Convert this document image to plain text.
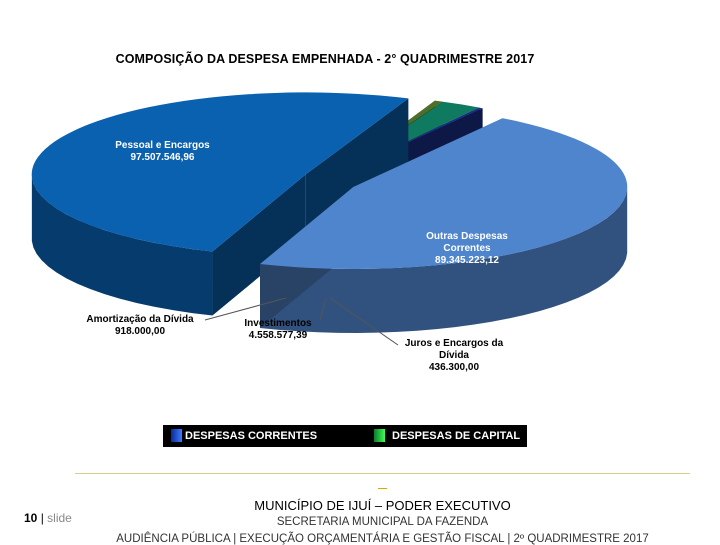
COMPOSIÇÃO DA DESPESA EMPENHADA - 2° QUADRIMESTRE 2017
Pessoal e Encargos
97.507.546,96
Outras Despesas
Correntes
89.345.223,12
Amortização da Dívida
918.000,00
Investimentos
4.558.577,39
Juros e Encargos da
Dívida
436.300,00
DESPESAS CORRENTES	DESPESAS DE CAPITAL
MUNICÍPIO DE IJUÍ – PODER EXECUTIVO
SECRETARIA MUNICIPAL DA FAZENDA
AUDIÊNCIA PÚBLICA | EXECUÇÃO ORÇAMENTÁRIA E GESTÃO FISCAL | 2º QUADRIMESTRE 2017
10 | slide
